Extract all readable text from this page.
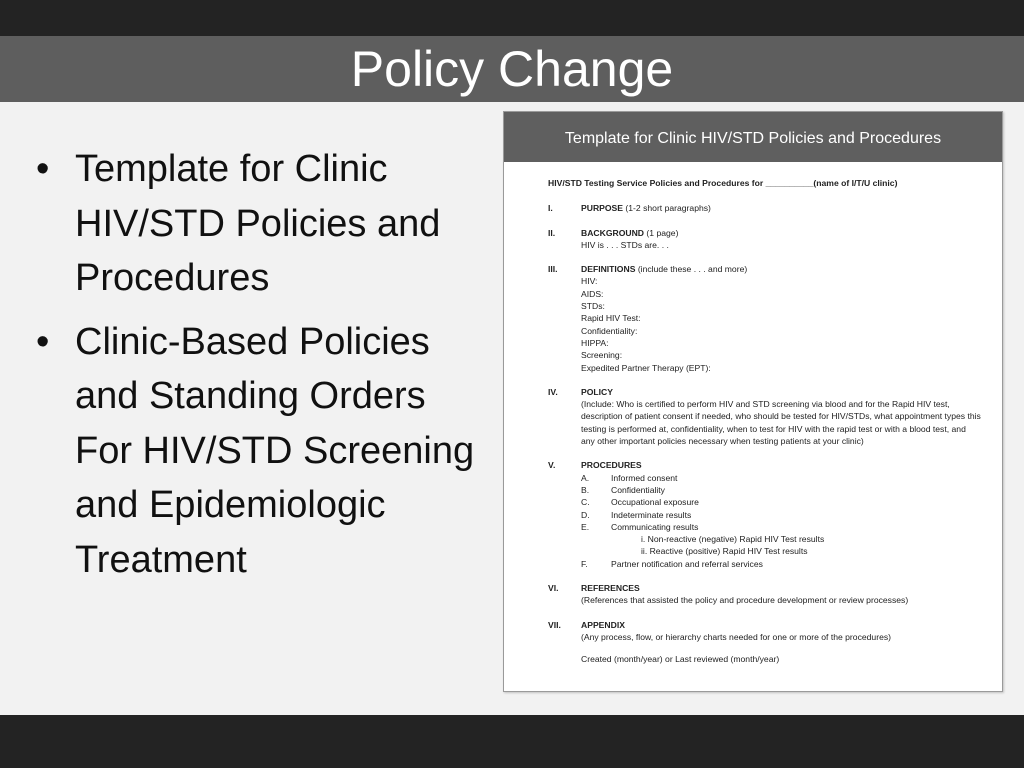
Policy Change
• Template for Clinic HIV/STD Policies and Procedures
• Clinic-Based Policies and Standing Orders For HIV/STD Screening and Epidemiologic Treatment
Template for Clinic HIV/STD Policies and Procedures
HIV/STD Testing Service Policies and Procedures for __________(name of I/T/U clinic)
I.	PURPOSE (1-2 short paragraphs)
II.	BACKGROUND (1 page)
HIV is . . . STDs are. . .
III.	DEFINITIONS (include these . . . and more)
HIV:
AIDS:
STDs:
Rapid HIV Test:
Confidentiality:
HIPPA:
Screening:
Expedited Partner Therapy (EPT):
IV.	POLICY
(Include: Who is certified to perform HIV and STD screening via blood and for the Rapid HIV test, description of patient consent if needed, who should be tested for HIV/STDs, what appointment types this testing is performed at, confidentiality, when to test for HIV with the rapid test or with a blood test, and any other important policies necessary when testing patients at your clinic)
V.	PROCEDURES
A.	Informed consent
B.	Confidentiality
C. Occupational exposure
D. Indeterminate results
E.	Communicating results
i. Non-reactive (negative) Rapid HIV Test results
ii. Reactive (positive) Rapid HIV Test results
F.	Partner notification and referral services
VI.	REFERENCES
(References that assisted the policy and procedure development or review processes)
VII. APPENDIX
(Any process, flow, or hierarchy charts needed for one or more of the procedures)
Created (month/year) or Last reviewed (month/year)
